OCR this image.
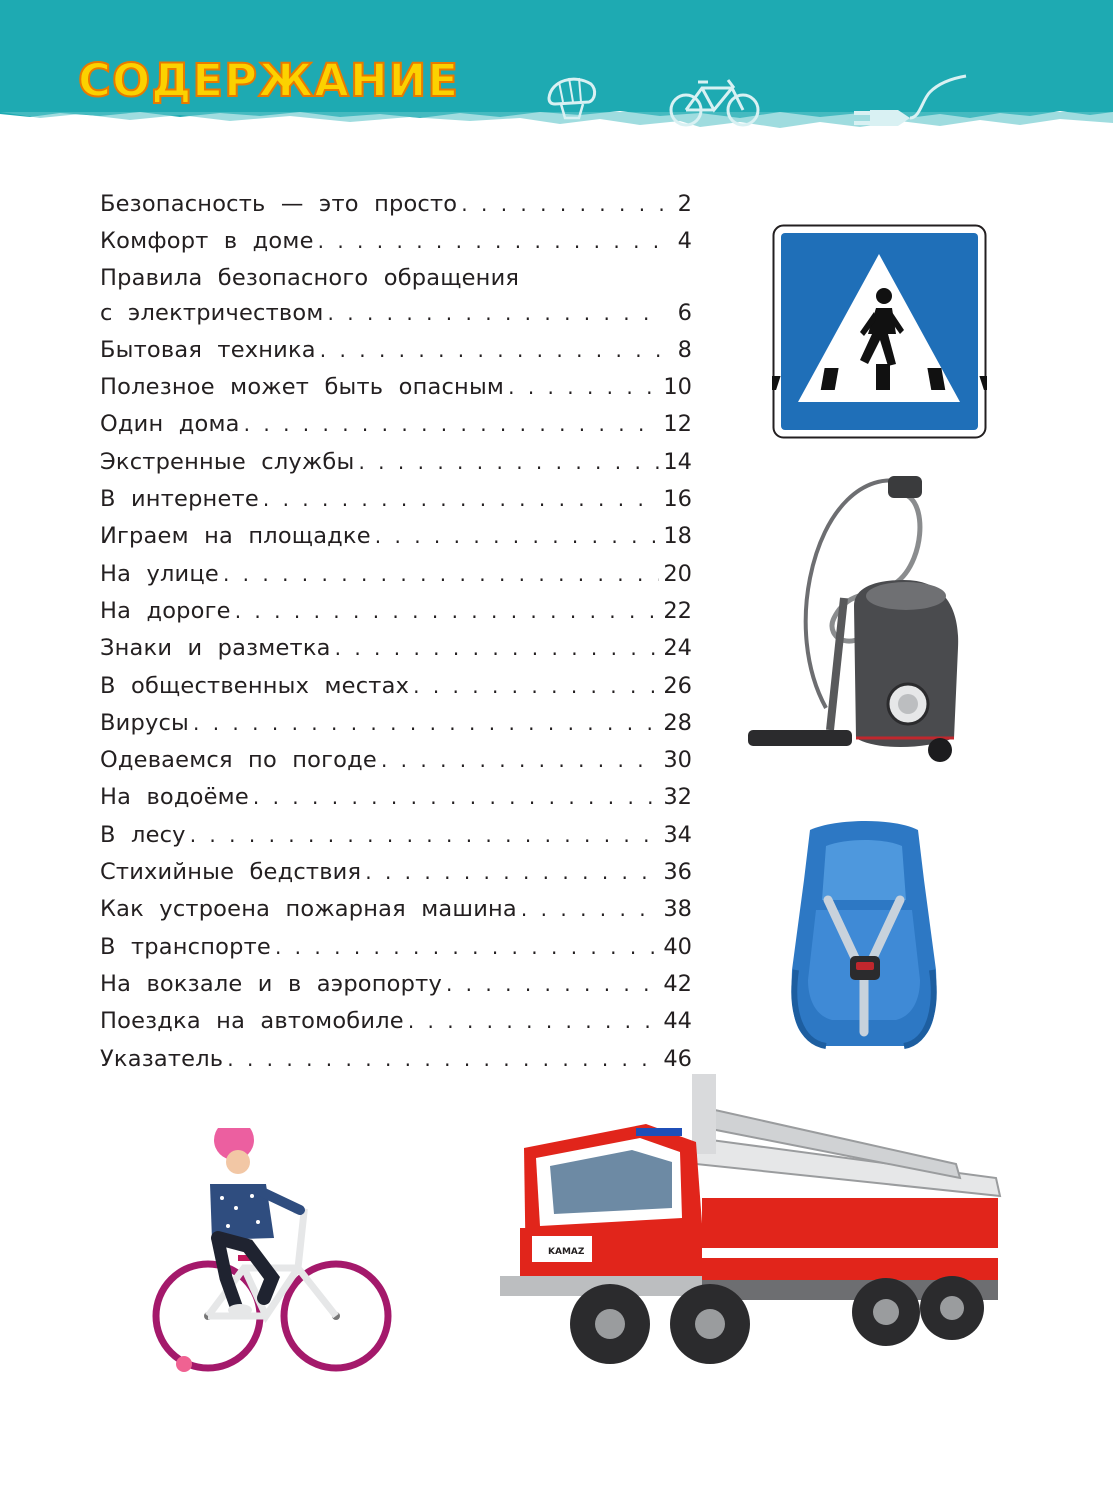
СОДЕРЖАНИЕ
Безопасность — это просто . . .	2
Комфорт в доме . . .	4
Правила безопасного обращения
с электричеством . . .	6
Бытовая техника . . .	8
Полезное может быть опасным . . .	10
Один дома . . .	12
Экстренные службы . . .	14
В интернете . . .	16
Играем на площадке . . .	18
На улице . . .	20
На дороге . . .	22
Знаки и разметка . . .	24
В общественных местах . . .	26
Вирусы . . .	28
Одеваемся по погоде . . .	30
На водоёме . . .	32
В лесу . . .	34
Стихийные бедствия . . .	36
Как устроена пожарная машина . . .	38
В транспорте . . .	40
На вокзале и в аэропорту . . .	42
Поездка на автомобиле . . .	44
Указатель . . .	46
KAMAZ
